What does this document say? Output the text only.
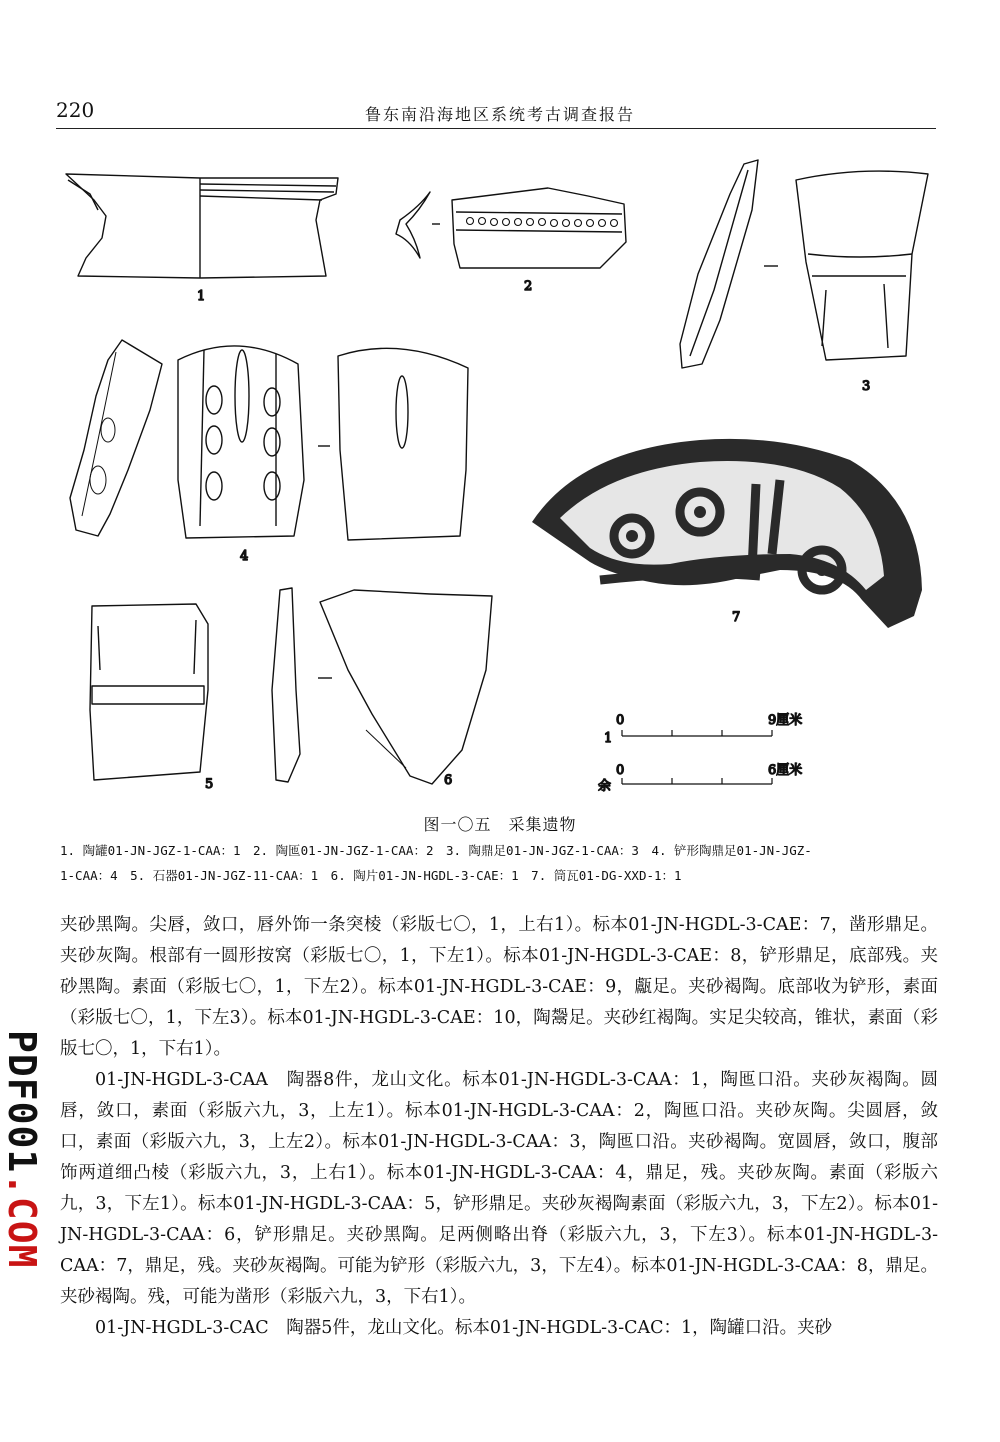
220	鲁东南沿海地区系统考古调查报告
1
2
3
4
5	6
7
1
0	9厘米
余
0	6厘米
图一〇五　采集遗物
1. 陶罐01-JN-JGZ-1-CAA：1　2. 陶匜01-JN-JGZ-1-CAA：2　3. 陶鼎足01-JN-JGZ-1-CAA：3　4. 铲形陶鼎足01-JN-JGZ-
1-CAA：4　5. 石器01-JN-JGZ-11-CAA：1　6. 陶片01-JN-HGDL-3-CAE：1　7. 筒瓦01-DG-XXD-1：1

夹砂黑陶。尖唇，敛口，唇外饰一条突棱（彩版七〇，1，上右1）。标本01-JN-HGDL-3-CAE：7，凿形鼎足。夹砂灰陶。根部有一圆形按窝（彩版七〇，1，下左1）。标本01-JN-HGDL-3-CAE：8，铲形鼎足，底部残。夹砂黑陶。素面（彩版七〇，1，下左2）。标本01-JN-HGDL-3-CAE：9，甗足。夹砂褐陶。底部收为铲形，素面（彩版七〇，1，下左3）。标本01-JN-HGDL-3-CAE：10，陶鬶足。夹砂红褐陶。实足尖较高，锥状，素面（彩版七〇，1，下右1）。

01-JN-HGDL-3-CAA　陶器8件，龙山文化。标本01-JN-HGDL-3-CAA：1，陶匜口沿。夹砂灰褐陶。圆唇，敛口，素面（彩版六九，3，上左1）。标本01-JN-HGDL-3-CAA：2，陶匜口沿。夹砂灰陶。尖圆唇，敛口，素面（彩版六九，3，上左2）。标本01-JN-HGDL-3-CAA：3，陶匜口沿。夹砂褐陶。宽圆唇，敛口，腹部饰两道细凸棱（彩版六九，3，上右1）。标本01-JN-HGDL-3-CAA：4，鼎足，残。夹砂灰陶。素面（彩版六九，3，下左1）。标本01-JN-HGDL-3-CAA：5，铲形鼎足。夹砂灰褐陶素面（彩版六九，3，下左2）。标本01-JN-HGDL-3-CAA：6，铲形鼎足。夹砂黑陶。足两侧略出脊（彩版六九，3，下左3）。标本01-JN-HGDL-3-CAA：7，鼎足，残。夹砂灰褐陶。可能为铲形（彩版六九，3，下左4）。标本01-JN-HGDL-3-CAA：8，鼎足。夹砂褐陶。残，可能为凿形（彩版六九，3，下右1）。

01-JN-HGDL-3-CAC　陶器5件，龙山文化。标本01-JN-HGDL-3-CAC：1，陶罐口沿。夹砂

PDF001
.COM
